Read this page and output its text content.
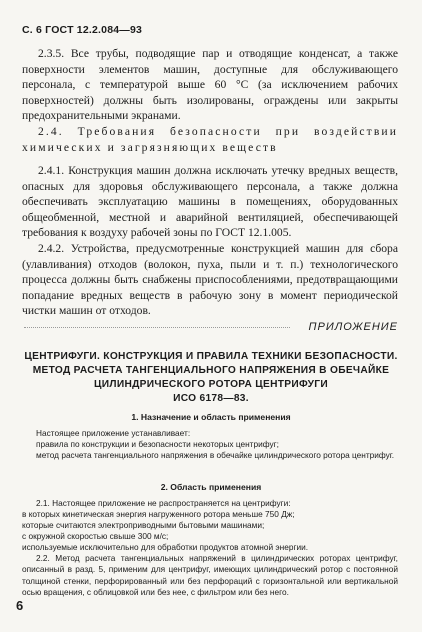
С. 6 ГОСТ 12.2.084—93

2.3.5. Все трубы, подводящие пар и отводящие конденсат, а также поверхности элементов машин, доступные для обслуживающего персонала, с температурой выше 60 °С (за исключением рабочих поверхностей) должны быть изолированы, ограждены или закрыты предохранительными экранами.

2.4. Требования безопасности при воздействии химических и загрязняющих веществ

2.4.1. Конструкция машин должна исключать утечку вредных веществ, опасных для здоровья обслуживающего персонала, а также должна обеспечивать эксплуатацию машины в помещениях, оборудованных общеобменной, местной и аварийной вентиляцией, обеспечивающей требования к воздуху рабочей зоны по ГОСТ 12.1.005.

2.4.2. Устройства, предусмотренные конструкцией машин для сбора (улавливания) отходов (волокон, пуха, пыли и т. п.) технологического процесса должны быть снабжены приспособлениями, предотвращающими попадание вредных веществ в рабочую зону в момент периодической чистки машин от отходов.

ПРИЛОЖЕНИЕ
ЦЕНТРИФУГИ. КОНСТРУКЦИЯ И ПРАВИЛА ТЕХНИКИ БЕЗОПАСНОСТИ.
МЕТОД РАСЧЕТА ТАНГЕНЦИАЛЬНОГО НАПРЯЖЕНИЯ В ОБЕЧАЙКЕ
ЦИЛИНДРИЧЕСКОГО РОТОРА ЦЕНТРИФУГИ
ИСО 6178—83.
1. Назначение и область применения

Настоящее приложение устанавливает:

правила по конструкции и безопасности некоторых центрифуг;

метод расчета тангенциального напряжения в обечайке цилиндрического ротора центрифуг.

2. Область применения

2.1. Настоящее приложение не распространяется на центрифуги:

в которых кинетическая энергия нагруженного ротора меньше 750 Дж;

которые считаются электроприводными бытовыми машинами;

с окружной скоростью свыше 300 м/с;

используемые исключительно для обработки продуктов атомной энергии.

2.2. Метод расчета тангенциальных напряжений в цилиндрических роторах центрифуг, описанный в разд. 5, применим для центрифуг, имеющих цилиндрический ротор с постоянной толщиной стенки, перфорированный или без перфораций с горизонтальной или вертикальной осью вращения, с облицовкой или без нее, с фильтром или без него.

6
